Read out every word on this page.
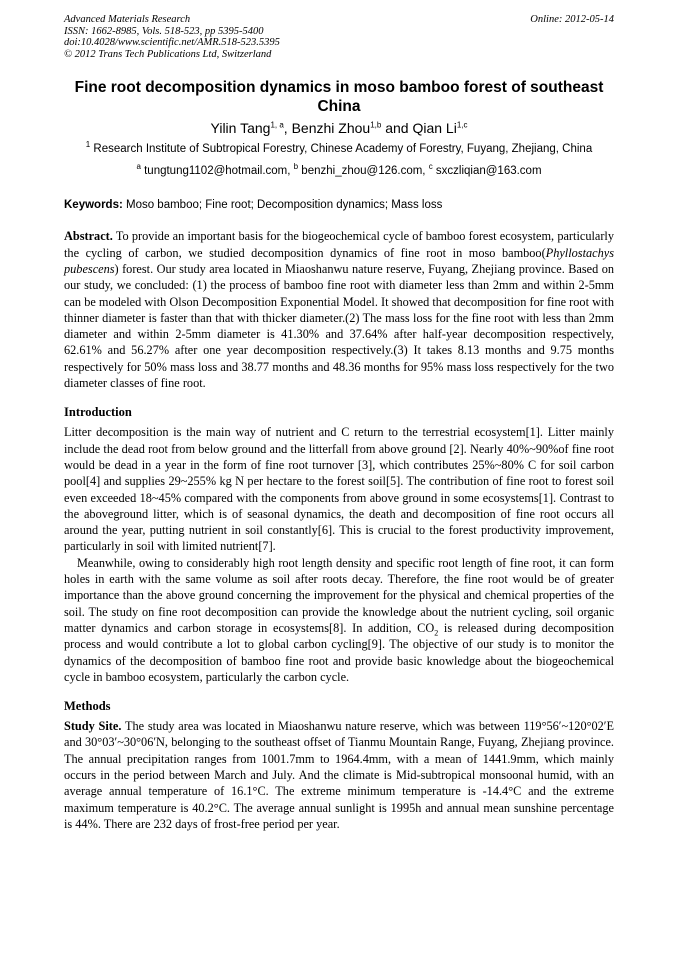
Advanced Materials Research
ISSN: 1662-8985, Vols. 518-523, pp 5395-5400
doi:10.4028/www.scientific.net/AMR.518-523.5395
© 2012 Trans Tech Publications Ltd, Switzerland
Online: 2012-05-14
Fine root decomposition dynamics in moso bamboo forest of southeast China
Yilin Tang$^{1, a}$, Benzhi Zhou$^{1,b}$ and Qian Li$^{1,c}$
$^1$ Research Institute of Subtropical Forestry, Chinese Academy of Forestry, Fuyang, Zhejiang, China
$^a$ tungtung1102@hotmail.com, $^b$ benzhi_zhou@126.com, $^c$ sxczliqian@163.com
Keywords: Moso bamboo; Fine root; Decomposition dynamics; Mass loss
Abstract. To provide an important basis for the biogeochemical cycle of bamboo forest ecosystem, particularly the cycling of carbon, we studied decomposition dynamics of fine root in moso bamboo(Phyllostachys pubescens) forest. Our study area located in Miaoshanwu nature reserve, Fuyang, Zhejiang province. Based on our study, we concluded: (1) the process of bamboo fine root with diameter less than 2mm and within 2-5mm can be modeled with Olson Decomposition Exponential Model. It showed that decomposition for fine root with thinner diameter is faster than that with thicker diameter.(2) The mass loss for the fine root with less than 2mm diameter and within 2-5mm diameter is 41.30% and 37.64% after half-year decomposition respectively, 62.61% and 56.27% after one year decomposition respectively.(3) It takes 8.13 months and 9.75 months respectively for 50% mass loss and 38.77 months and 48.36 months for 95% mass loss respectively for the two diameter classes of fine root.
Introduction
Litter decomposition is the main way of nutrient and C return to the terrestrial ecosystem[1]. Litter mainly include the dead root from below ground and the litterfall from above ground [2]. Nearly 40%~90%of fine root would be dead in a year in the form of fine root turnover [3], which contributes 25%~80% C for soil carbon pool[4] and supplies 29~255% kg N per hectare to the forest soil[5]. The contribution of fine root to forest soil even exceeded 18~45% compared with the components from above ground in some ecosystems[1]. Contrast to the aboveground litter, which is of seasonal dynamics, the death and decomposition of fine root occurs all around the year, putting nutrient in soil constantly[6]. This is crucial to the forest productivity improvement, particularly in soil with limited nutrient[7].
Meanwhile, owing to considerably high root length density and specific root length of fine root, it can form holes in earth with the same volume as soil after roots decay. Therefore, the fine root would be of greater importance than the above ground concerning the improvement for the physical and chemical properties of the soil. The study on fine root decomposition can provide the knowledge about the nutrient cycling, soil organic matter dynamics and carbon storage in ecosystems[8]. In addition, $CO_2$ is released during decomposition process and would contribute a lot to global carbon cycling[9]. The objective of our study is to monitor the dynamics of the decomposition of bamboo fine root and provide basic knowledge about the biogeochemical cycle in bamboo ecosystem, particularly the carbon cycle.
Methods
Study Site. The study area was located in Miaoshanwu nature reserve, which was between 119°56′~120°02′E and 30°03′~30°06′N, belonging to the southeast offset of Tianmu Mountain Range, Fuyang, Zhejiang province. The annual precipitation ranges from 1001.7mm to 1964.4mm, with a mean of 1441.9mm, which mainly occurs in the period between March and July. And the climate is Mid-subtropical monsoonal humid, with an average annual temperature of 16.1°C. The extreme minimum temperature is -14.4°C and the extreme maximum temperature is 40.2°C. The average annual sunlight is 1995h and annual mean sunshine percentage is 44%. There are 232 days of frost-free period per year.
